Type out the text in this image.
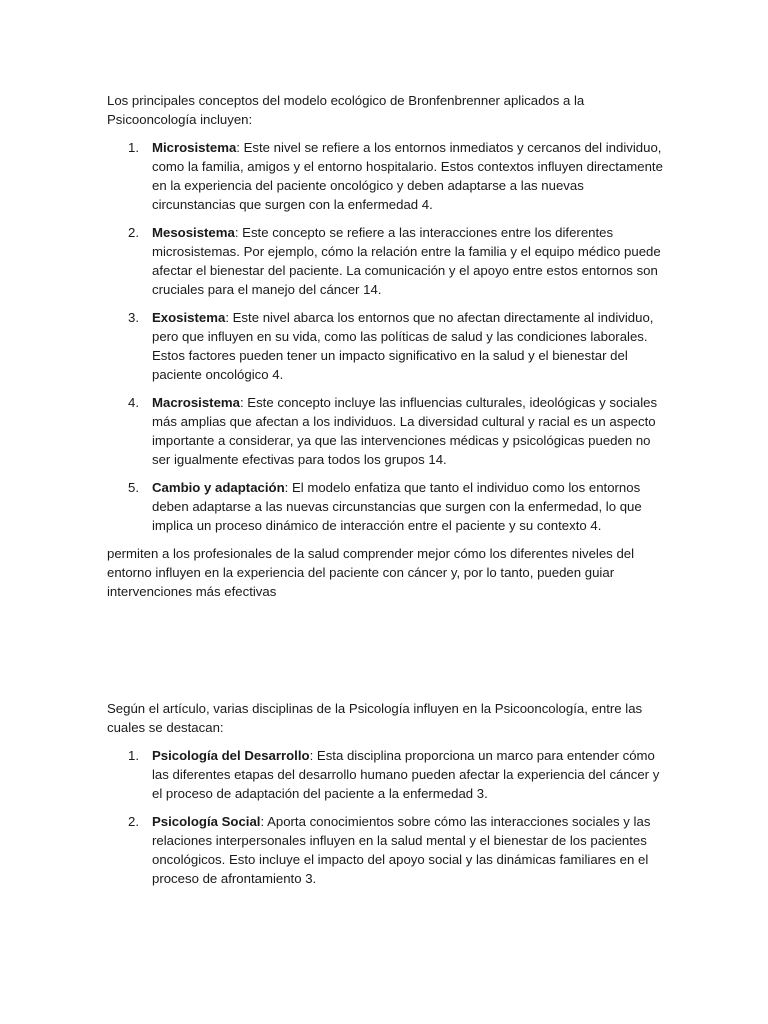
Los principales conceptos del modelo ecológico de Bronfenbrenner aplicados a la Psicooncología incluyen:

1. Microsistema: Este nivel se refiere a los entornos inmediatos y cercanos del individuo, como la familia, amigos y el entorno hospitalario. Estos contextos influyen directamente en la experiencia del paciente oncológico y deben adaptarse a las nuevas circunstancias que surgen con la enfermedad 4.
2. Mesosistema: Este concepto se refiere a las interacciones entre los diferentes microsistemas. Por ejemplo, cómo la relación entre la familia y el equipo médico puede afectar el bienestar del paciente. La comunicación y el apoyo entre estos entornos son cruciales para el manejo del cáncer 14.
3. Exosistema: Este nivel abarca los entornos que no afectan directamente al individuo, pero que influyen en su vida, como las políticas de salud y las condiciones laborales. Estos factores pueden tener un impacto significativo en la salud y el bienestar del paciente oncológico 4.
4. Macrosistema: Este concepto incluye las influencias culturales, ideológicas y sociales más amplias que afectan a los individuos. La diversidad cultural y racial es un aspecto importante a considerar, ya que las intervenciones médicas y psicológicas pueden no ser igualmente efectivas para todos los grupos 14.
5. Cambio y adaptación: El modelo enfatiza que tanto el individuo como los entornos deben adaptarse a las nuevas circunstancias que surgen con la enfermedad, lo que implica un proceso dinámico de interacción entre el paciente y su contexto 4.

permiten a los profesionales de la salud comprender mejor cómo los diferentes niveles del entorno influyen en la experiencia del paciente con cáncer y, por lo tanto, pueden guiar intervenciones más efectivas

Según el artículo, varias disciplinas de la Psicología influyen en la Psicooncología, entre las cuales se destacan:

1. Psicología del Desarrollo: Esta disciplina proporciona un marco para entender cómo las diferentes etapas del desarrollo humano pueden afectar la experiencia del cáncer y el proceso de adaptación del paciente a la enfermedad 3.
2. Psicología Social: Aporta conocimientos sobre cómo las interacciones sociales y las relaciones interpersonales influyen en la salud mental y el bienestar de los pacientes oncológicos. Esto incluye el impacto del apoyo social y las dinámicas familiares en el proceso de afrontamiento 3.
